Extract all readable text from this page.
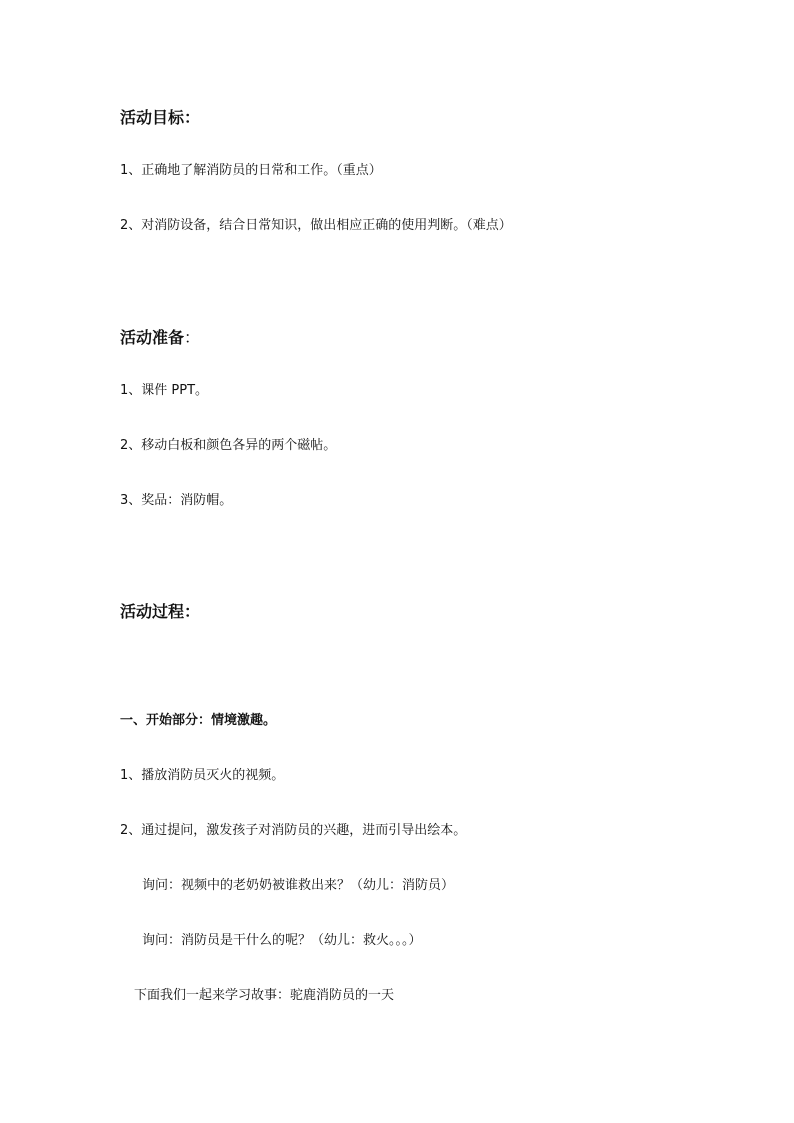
活动目标：
1、正确地了解消防员的日常和工作。（重点）
2、对消防设备，结合日常知识，做出相应正确的使用判断。（难点）
活动准备：
1、课件 PPT。
2、移动白板和颜色各异的两个磁帖。
3、奖品：消防帽。
活动过程：
一、开始部分：情境激趣。
1、播放消防员灭火的视频。
2、通过提问，激发孩子对消防员的兴趣，进而引导出绘本。
询问：视频中的老奶奶被谁救出来？（幼儿：消防员）
询问：消防员是干什么的呢？（幼儿：救火。。。）
下面我们一起来学习故事：驼鹿消防员的一天
